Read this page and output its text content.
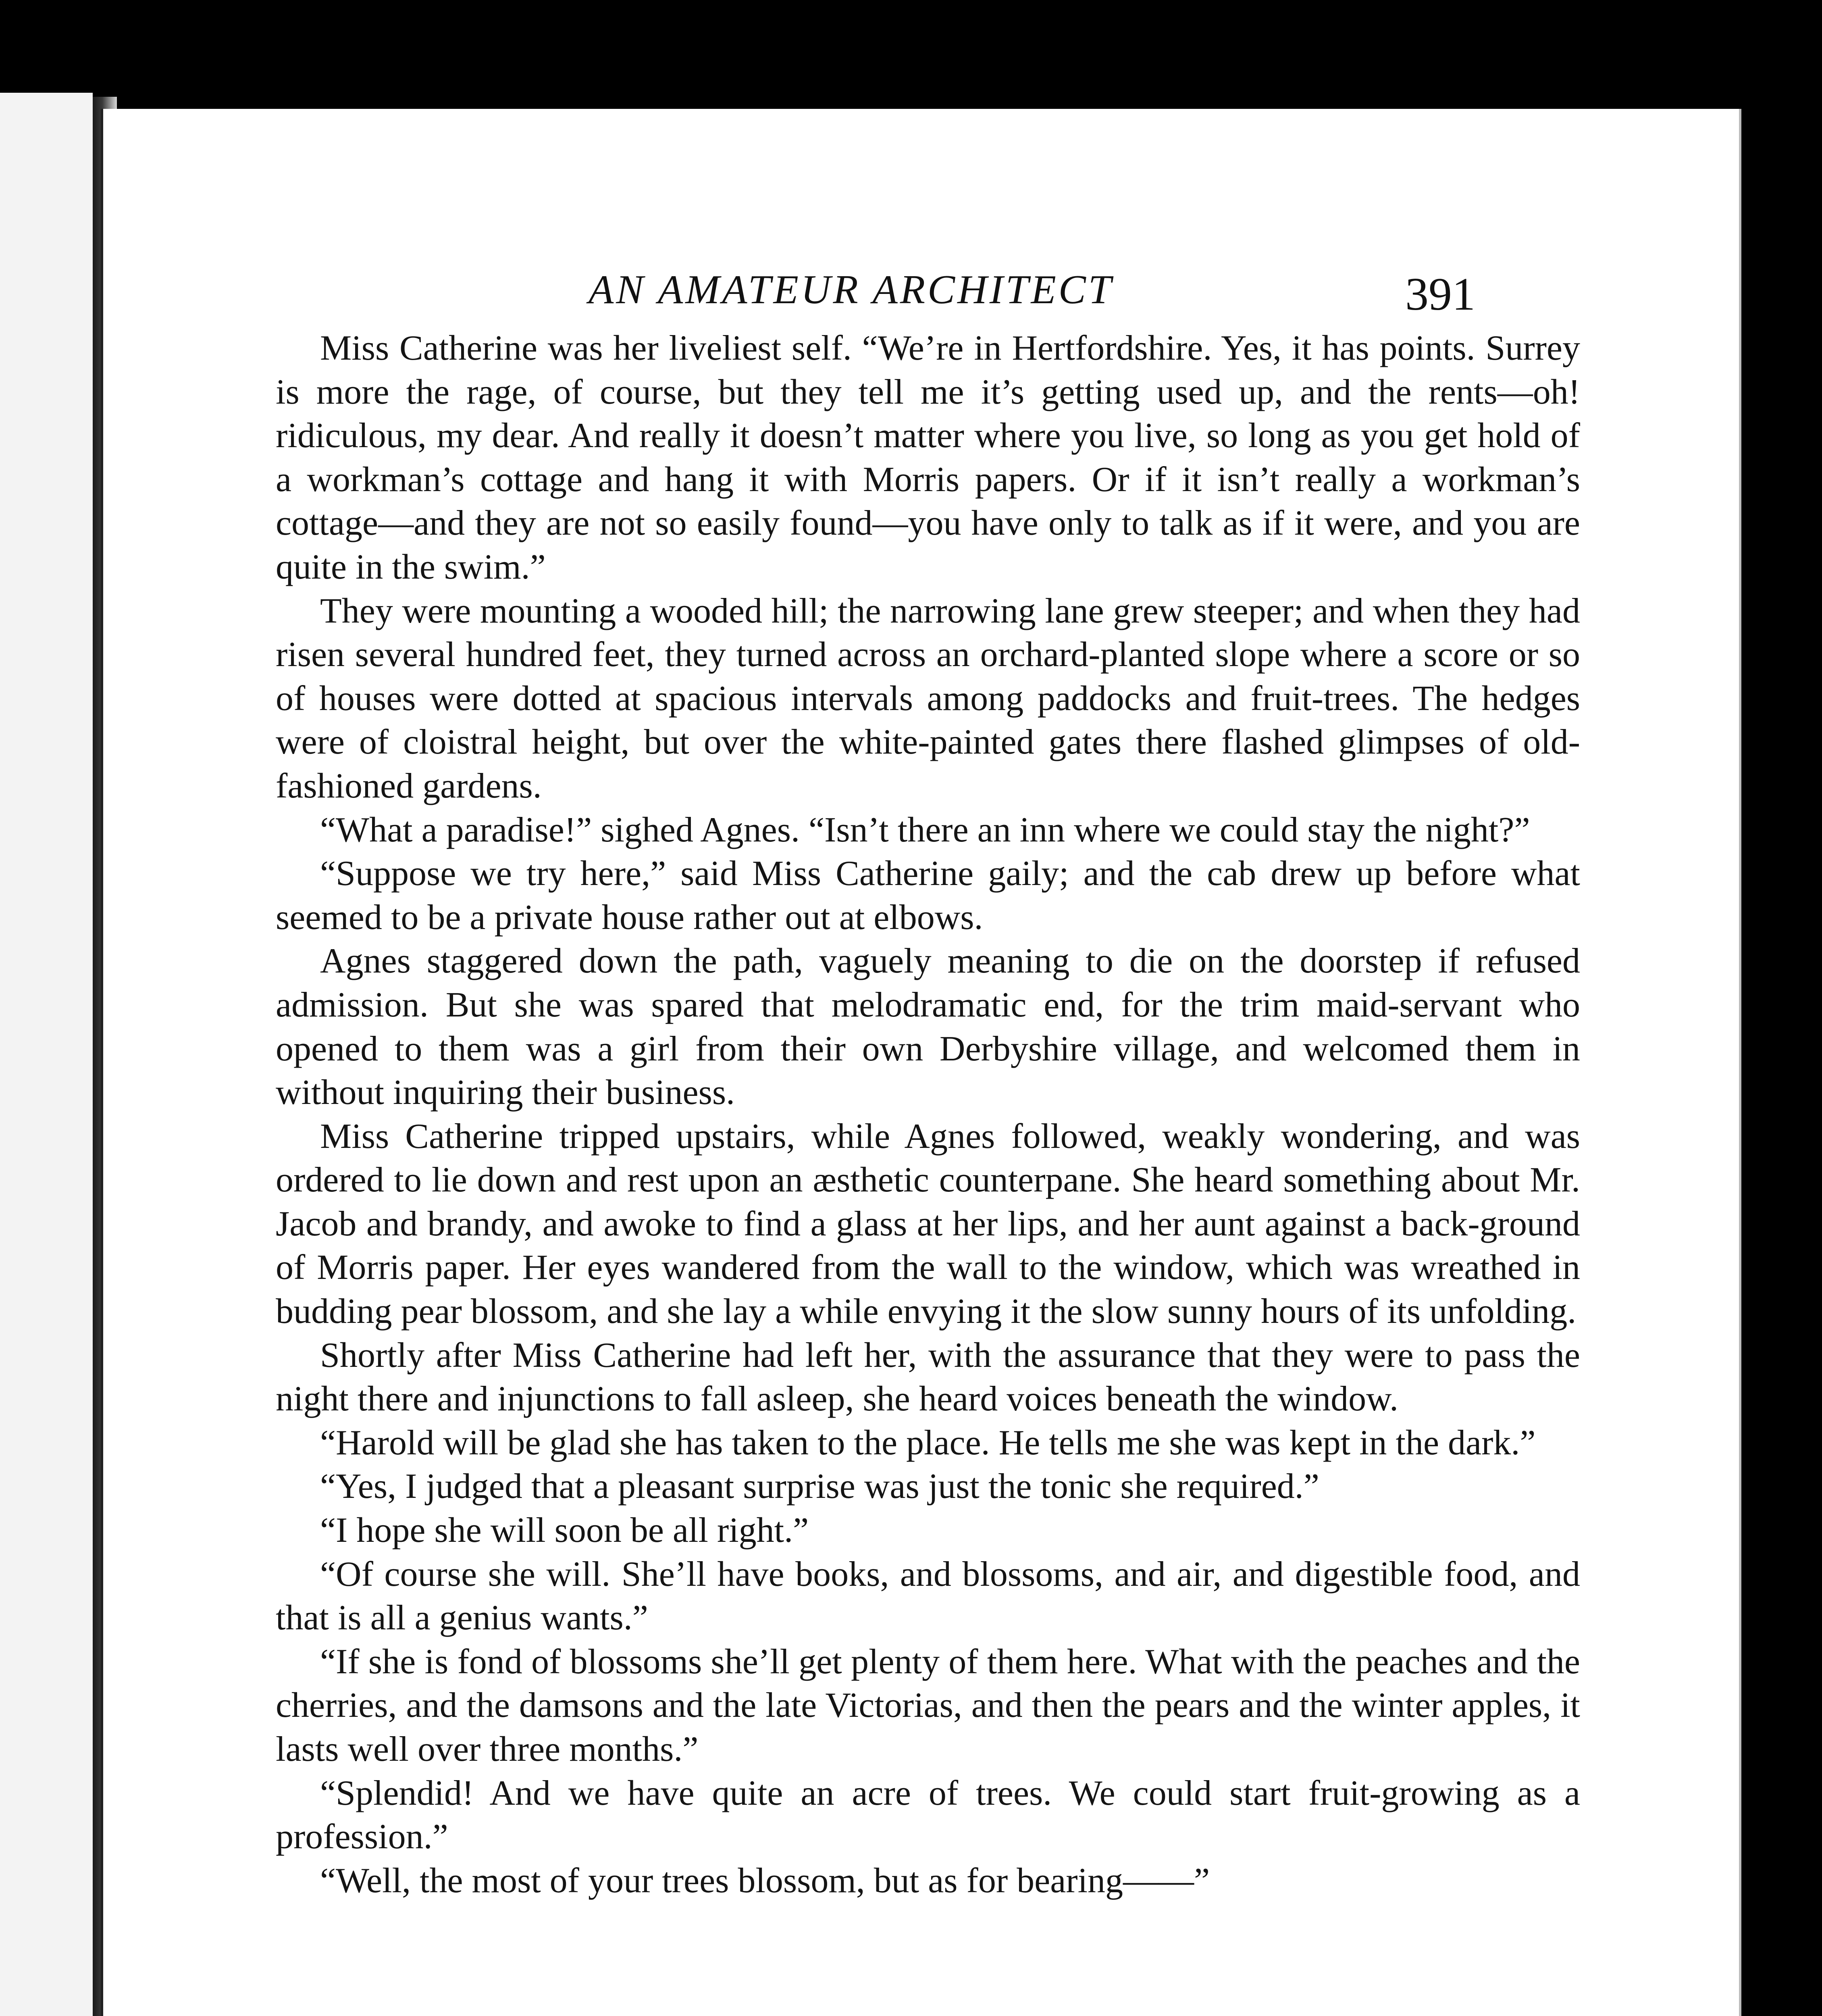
AN AMATEUR ARCHITECT	391

Miss Catherine was her liveliest self. “We’re in Hertfordshire. Yes, it has points. Surrey is more the rage, of course, but they tell me it’s getting used up, and the rents—oh! ridiculous, my dear. And really it doesn’t matter where you live, so long as you get hold of a workman’s cottage and hang it with Morris papers. Or if it isn’t really a workman’s cottage—and they are not so easily found—you have only to talk as if it were, and you are quite in the swim.”

They were mounting a wooded hill; the narrowing lane grew steeper; and when they had risen several hundred feet, they turned across an orchard-planted slope where a score or so of houses were dotted at spacious intervals among paddocks and fruit-trees. The hedges were of cloistral height, but over the white-painted gates there flashed glimpses of old-fashioned gardens.

“What a paradise!” sighed Agnes. “Isn’t there an inn where we could stay the night?”

“Suppose we try here,” said Miss Catherine gaily; and the cab drew up before what seemed to be a private house rather out at elbows.

Agnes staggered down the path, vaguely meaning to die on the doorstep if refused admission. But she was spared that melodramatic end, for the trim maid-servant who opened to them was a girl from their own Derbyshire village, and welcomed them in without inquiring their business.

Miss Catherine tripped upstairs, while Agnes followed, weakly wondering, and was ordered to lie down and rest upon an æsthetic counterpane. She heard something about Mr. Jacob and brandy, and awoke to find a glass at her lips, and her aunt against a back-ground of Morris paper. Her eyes wandered from the wall to the window, which was wreathed in budding pear blossom, and she lay a while envying it the slow sunny hours of its unfolding.

Shortly after Miss Catherine had left her, with the assurance that they were to pass the night there and injunctions to fall asleep, she heard voices beneath the window.

“Harold will be glad she has taken to the place. He tells me she was kept in the dark.”

“Yes, I judged that a pleasant surprise was just the tonic she required.”

“I hope she will soon be all right.”

“Of course she will. She’ll have books, and blossoms, and air, and digestible food, and that is all a genius wants.”

“If she is fond of blossoms she’ll get plenty of them here. What with the peaches and the cherries, and the damsons and the late Victorias, and then the pears and the winter apples, it lasts well over three months.”

“Splendid! And we have quite an acre of trees. We could start fruit-growing as a profession.”

“Well, the most of your trees blossom, but as for bearing——”
